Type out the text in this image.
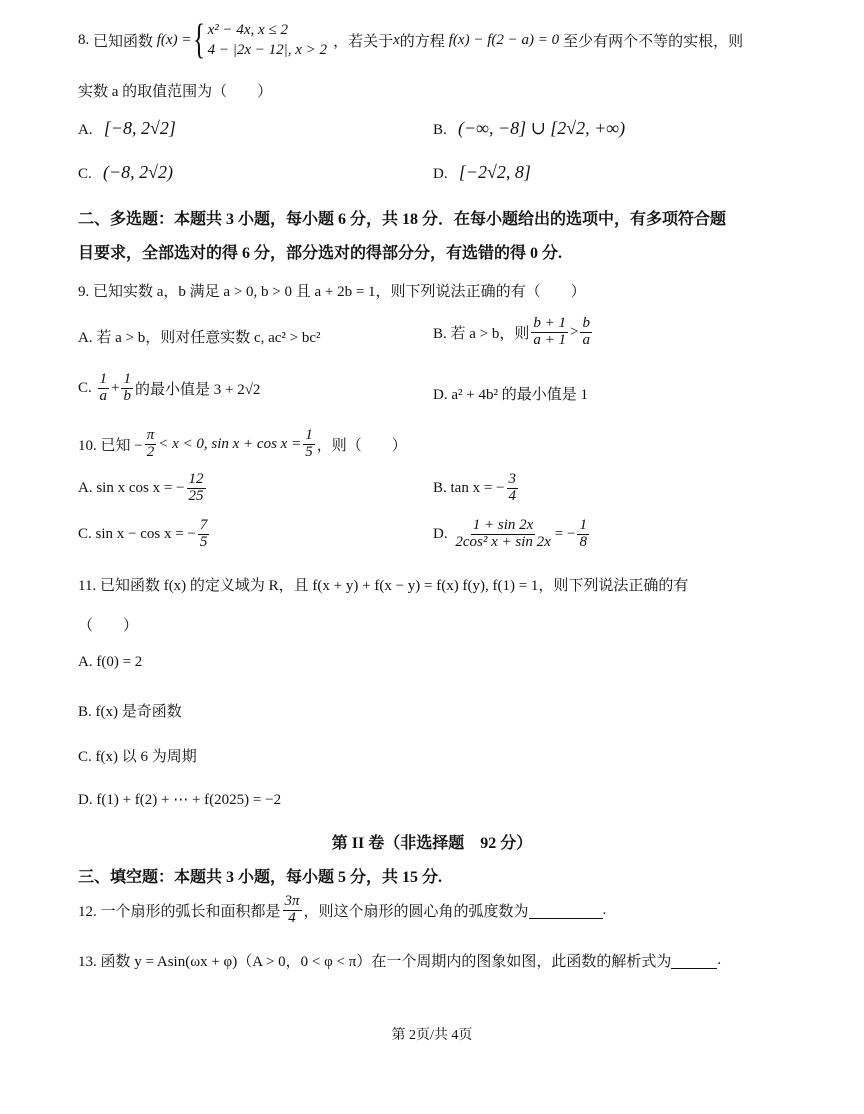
8.
已知函数
f(x) = { x² − 4x, x ≤ 2
4 − |2x − 12|, x > 2
，若关于 x 的方程 f(x) − f(2 − a) = 0 至少有两个不等的实根，则
实数 a 的取值范围为（　　）
A. [−8, 2√2]	B. (−∞, −8] ∪ [2√2, +∞)
C. (−8, 2√2)	D. [−2√2, 8]
二、多选题：本题共 3 小题，每小题 6 分，共 18 分．在每小题给出的选项中，有多项符合题
目要求，全部选对的得 6 分，部分选对的得部分分，有选错的得 0 分.
9. 已知实数 a，b 满足 a > 0, b > 0 且 a + 2b = 1，则下列说法正确的有（　　）
A. 若 a > b，则对任意实数 c, ac² > bc²	B. 若 a > b，则 $\frac{b + 1}{a + 1} > \frac{b}{a}$
C.
$\frac{1}{a} + \frac{1}{b}$ 的最小值是 3 + 2√2	D. a² + 4b² 的最小值是 1
10. 已知 − $\frac{\pi}{2} < x < 0$, $\sin x + \cos x = \frac{1}{5}$ ，则（　　）
A. sin x cos x = − $\frac{12}{25}$	B. tan x = − $\frac{3}{4}$
C. sin x − cos x = − $\frac{7}{5}$	D.
$\frac{1 + \sin 2x}{\text{2cos² x + sin 2x}}$ = − $\frac{1}{8}$
11. 已知函数 f(x) 的定义域为 R，且 f(x + y) + f(x − y) = f(x) f(y), f(1) = 1，则下列说法正确的有
（　　）
A. f(0) = 2
B. f(x) 是奇函数
C. f(x) 以 6 为周期
D. f(1) + f(2) + ⋯ + f(2025) = −2
第 II 卷（非选择题　92 分）
三、填空题：本题共 3 小题，每小题 5 分，共 15 分.
12. 一个扇形的弧长和面积都是 $\frac{3\pi}{4}$ ，则这个扇形的圆心角的弧度数为	.
13. 函数 y = Asin(ωx + φ)（A > 0，0 < φ < π）在一个周期内的图象如图，此函数的解析式为	.
第 2页/共 4页
